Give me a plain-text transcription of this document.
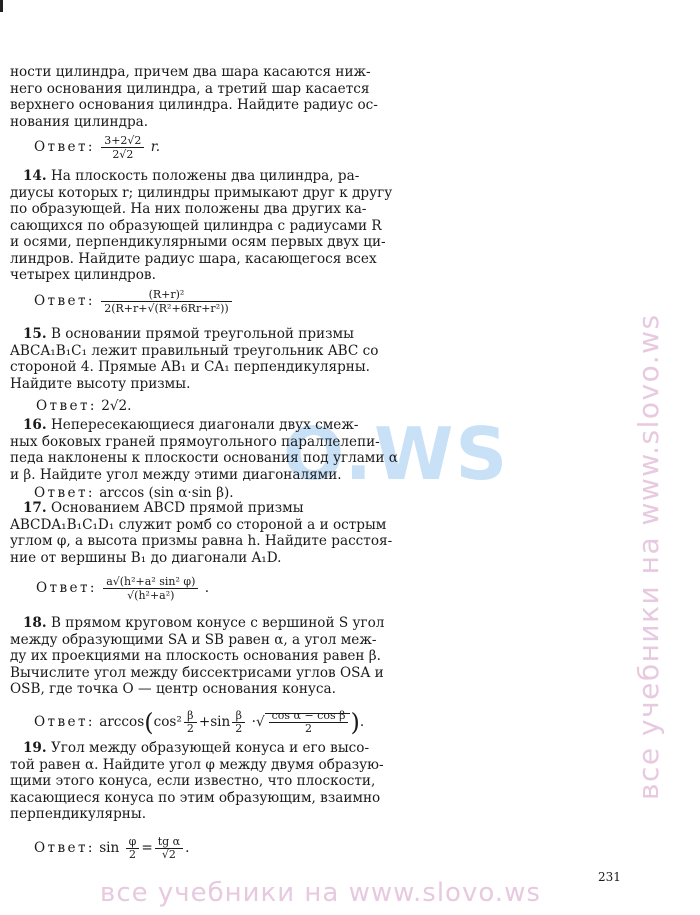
все учебники на www.slovo.ws
O.WS
ности цилиндра, причем два шара касаются ниж-
него основания цилиндра, а третий шар касается
верхнего основания цилиндра. Найдите радиус ос-
нования цилиндра.
Ответ: $\frac{3+2√2}{2√2} r$.
14. На плоскость положены два цилиндра, ра-
диусы которых r; цилиндры примыкают друг к другу
по образующей. На них положены два других ка-
сающихся по образующей цилиндра с радиусами R
и осями, перпендикулярными осям первых двух ци-
линдров. Найдите радиус шара, касающегося всех
четырех цилиндров.
Ответ: $\frac{\text{(R+r)²}}{\text{2(R+r+√(R²+6Rr+r²))}}$
15. В основании прямой треугольной призмы
ABCA₁B₁C₁ лежит правильный треугольник ABC со
стороной 4. Прямые AB₁ и CA₁ перпендикулярны.
Найдите высоту призмы.
Ответ: 2√2.
16. Непересекающиеся диагонали двух смеж-
ных боковых граней прямоугольного параллелепи-
педа наклонены к плоскости основания под углами α
и β. Найдите угол между этими диагоналями.
Ответ: arccos (sin α·sin β).
17. Основанием ABCD прямой призмы
ABCDA₁B₁C₁D₁ служит ромб со стороной a и острым
углом φ, а высота призмы равна h. Найдите расстоя-
ние от вершины B₁ до диагонали A₁D.
Ответ: $\frac{\text{a√(h²+a² sin² φ)}}{\text{√(h²+a²)}}$ .
18. В прямом круговом конусе с вершиной S угол
между образующими SA и SB равен α, а угол меж-
ду их проекциями на плоскость основания равен β.
Вычислите угол между биссектрисами углов OSA и
OSB, где точка O — центр основания конуса.
Ответ: $\arccos(\cos^2 \frac{\beta}{2} +\sin \frac{\beta}{2}$ ·√ $\frac{\text{cos α − cos β}}{2}$ ).
19. Угол между образующей конуса и его высо-
той равен α. Найдите угол φ между двумя образую-
щими этого конуса, если известно, что плоскости,
касающиеся конуса по этим образующим, взаимно
перпендикулярны.
Ответ: $\sin \frac{\varphi}{2} = \frac{\text{tg α}}{√2}$ .
231
все учебники на www.slovo.ws
